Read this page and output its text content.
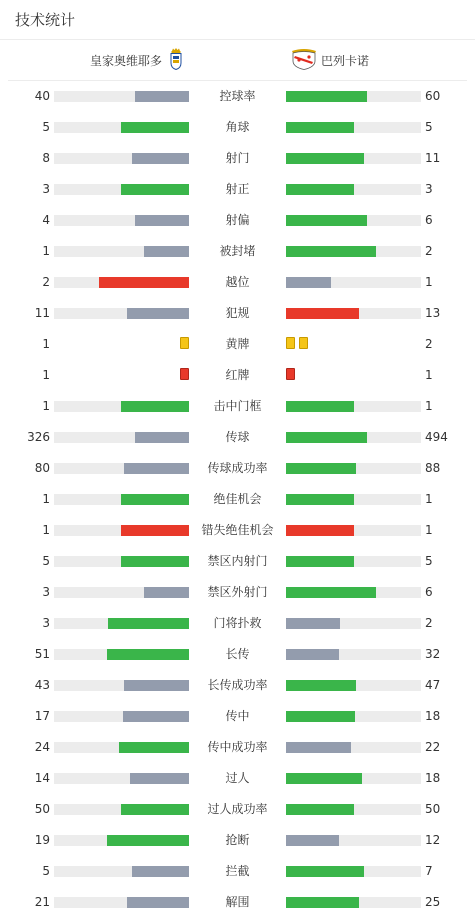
技术统计
皇家奥维耶多	巴列卡诺
40	控球率	60
5	角球	5
8	射门	11
3	射正	3
4	射偏	6
1	被封堵	2
2	越位	1
11	犯规	13
1	黄牌	2
1	红牌	1
1	击中门框	1
326	传球	494
80	传球成功率	88
1	绝佳机会	1
1	错失绝佳机会	1
5	禁区内射门	5
3	禁区外射门	6
3	门将扑救	2
51	长传	32
43	长传成功率	47
17	传中	18
24	传中成功率	22
14	过人	18
50	过人成功率	50
19	抢断	12
5	拦截	7
21	解围	25
